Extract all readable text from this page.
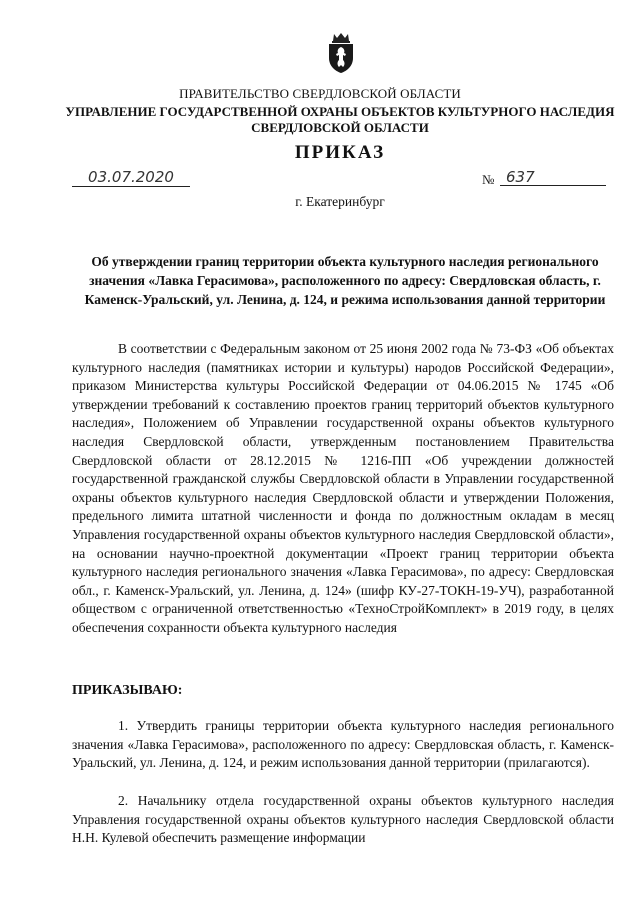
ПРАВИТЕЛЬСТВО СВЕРДЛОВСКОЙ ОБЛАСТИ
УПРАВЛЕНИЕ ГОСУДАРСТВЕННОЙ ОХРАНЫ ОБЪЕКТОВ КУЛЬТУРНОГО НАСЛЕДИЯ СВЕРДЛОВСКОЙ ОБЛАСТИ
ПРИКАЗ
03.07.2020	№ 637
г. Екатеринбург
Об утверждении границ территории объекта культурного наследия регионального значения «Лавка Герасимова», расположенного по адресу: Свердловская область, г. Каменск-Уральский, ул. Ленина, д. 124, и режима использования данной территории

В соответствии с Федеральным законом от 25 июня 2002 года № 73-ФЗ «Об объектах культурного наследия (памятниках истории и культуры) народов Российской Федерации», приказом Министерства культуры Российской Федерации от 04.06.2015 № 1745 «Об утверждении требований к составлению проектов границ территорий объектов культурного наследия», Положением об Управлении государственной охраны объектов культурного наследия Свердловской области, утвержденным постановлением Правительства Свердловской области от 28.12.2015 № 1216-ПП «Об учреждении должностей государственной гражданской службы Свердловской области в Управлении государственной охраны объектов культурного наследия Свердловской области и утверждении Положения, предельного лимита штатной численности и фонда по должностным окладам в месяц Управления государственной охраны объектов культурного наследия Свердловской области», на основании научно-проектной документации «Проект границ территории объекта культурного наследия регионального значения «Лавка Герасимова», по адресу: Свердловская обл., г. Каменск-Уральский, ул. Ленина, д. 124» (шифр КУ-27-ТОКН-19-УЧ), разработанной обществом с ограниченной ответственностью «ТехноСтройКомплект» в 2019 году, в целях обеспечения сохранности объекта культурного наследия

ПРИКАЗЫВАЮ:

1. Утвердить границы территории объекта культурного наследия регионального значения «Лавка Герасимова», расположенного по адресу: Свердловская область, г. Каменск-Уральский, ул. Ленина, д. 124, и режим использования данной территории (прилагаются).

2. Начальнику отдела государственной охраны объектов культурного наследия Управления государственной охраны объектов культурного наследия Свердловской области Н.Н. Кулевой обеспечить размещение информации
